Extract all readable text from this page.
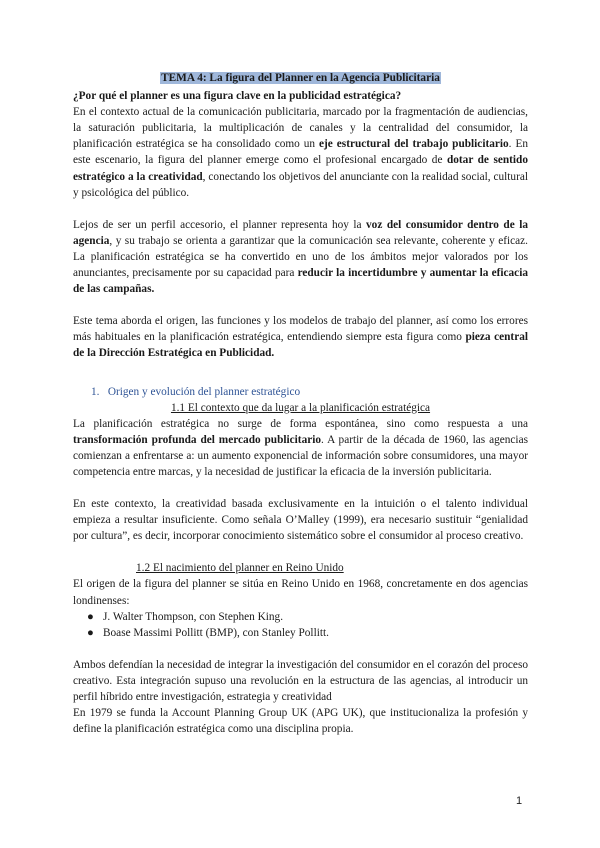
TEMA 4: La figura del Planner en la Agencia Publicitaria

¿Por qué el planner es una figura clave en la publicidad estratégica?

En el contexto actual de la comunicación publicitaria, marcado por la fragmentación de audiencias, la saturación publicitaria, la multiplicación de canales y la centralidad del consumidor, la planificación estratégica se ha consolidado como un eje estructural del trabajo publicitario. En este escenario, la figura del planner emerge como el profesional encargado de dotar de sentido estratégico a la creatividad, conectando los objetivos del anunciante con la realidad social, cultural y psicológica del público.

Lejos de ser un perfil accesorio, el planner representa hoy la voz del consumidor dentro de la agencia, y su trabajo se orienta a garantizar que la comunicación sea relevante, coherente y eficaz. La planificación estratégica se ha convertido en uno de los ámbitos mejor valorados por los anunciantes, precisamente por su capacidad para reducir la incertidumbre y aumentar la eficacia de las campañas.

Este tema aborda el origen, las funciones y los modelos de trabajo del planner, así como los errores más habituales en la planificación estratégica, entendiendo siempre esta figura como pieza central de la Dirección Estratégica en Publicidad.

1. Origen y evolución del planner estratégico
1.1 El contexto que da lugar a la planificación estratégica

La planificación estratégica no surge de forma espontánea, sino como respuesta a una transformación profunda del mercado publicitario. A partir de la década de 1960, las agencias comienzan a enfrentarse a: un aumento exponencial de información sobre consumidores, una mayor competencia entre marcas, y la necesidad de justificar la eficacia de la inversión publicitaria.

En este contexto, la creatividad basada exclusivamente en la intuición o el talento individual empieza a resultar insuficiente. Como señala O’Malley (1999), era necesario sustituir “genialidad por cultura”, es decir, incorporar conocimiento sistemático sobre el consumidor al proceso creativo.

1.2 El nacimiento del planner en Reino Unido

El origen de la figura del planner se sitúa en Reino Unido en 1968, concretamente en dos agencias londinenses:

● J. Walter Thompson, con Stephen King.
● Boase Massimi Pollitt (BMP), con Stanley Pollitt.

Ambos defendían la necesidad de integrar la investigación del consumidor en el corazón del proceso creativo. Esta integración supuso una revolución en la estructura de las agencias, al introducir un perfil híbrido entre investigación, estrategia y creatividad

En 1979 se funda la Account Planning Group UK (APG UK), que institucionaliza la profesión y define la planificación estratégica como una disciplina propia.

1
